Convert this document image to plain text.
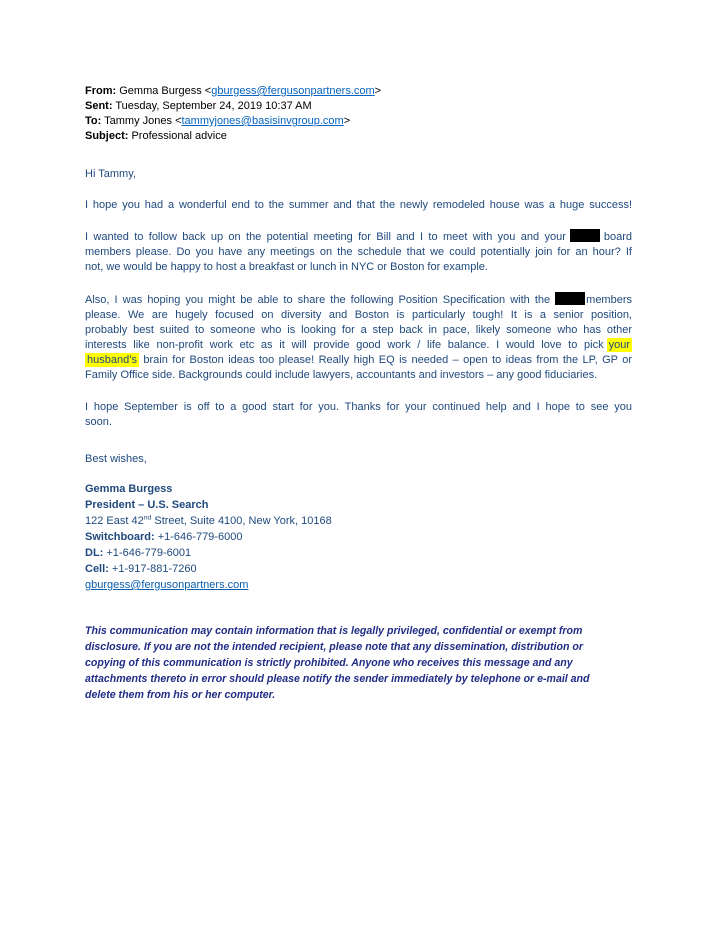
From: Gemma Burgess <gburgess@fergusonpartners.com>
Sent: Tuesday, September 24, 2019 10:37 AM
To: Tammy Jones <tammyjones@basisinvgroup.com>
Subject: Professional advice
Hi Tammy,
I hope you had a wonderful end to the summer and that the newly remodeled house was a huge success!
I wanted to follow back up on the potential meeting for Bill and I to meet with you and your	board
members please. Do you have any meetings on the schedule that we could potentially join for an hour? If
not, we would be happy to host a breakfast or lunch in NYC or Boston for example.
Also, I was hoping you might be able to share the following Position Specification with the	members
please. We are hugely focused on diversity and Boston is particularly tough! It is a senior position,
probably best suited to someone who is looking for a step back in pace, likely someone who has other
interests like non-profit work etc as it will provide good work / life balance. I would love to pick your
husband’s brain for Boston ideas too please! Really high EQ is needed – open to ideas from the LP, GP or
Family Office side. Backgrounds could include lawyers, accountants and investors – any good fiduciaries.
I hope September is off to a good start for you. Thanks for your continued help and I hope to see you
soon.
Best wishes,
Gemma Burgess
President – U.S. Search
122 East 42nd Street, Suite 4100, New York, 10168
Switchboard: +1-646-779-6000
DL: +1-646-779-6001
Cell: +1-917-881-7260
gburgess@fergusonpartners.com
This communication may contain information that is legally privileged, confidential or exempt from
disclosure. If you are not the intended recipient, please note that any dissemination, distribution or
copying of this communication is strictly prohibited. Anyone who receives this message and any
attachments thereto in error should please notify the sender immediately by telephone or e-mail and
delete them from his or her computer.
